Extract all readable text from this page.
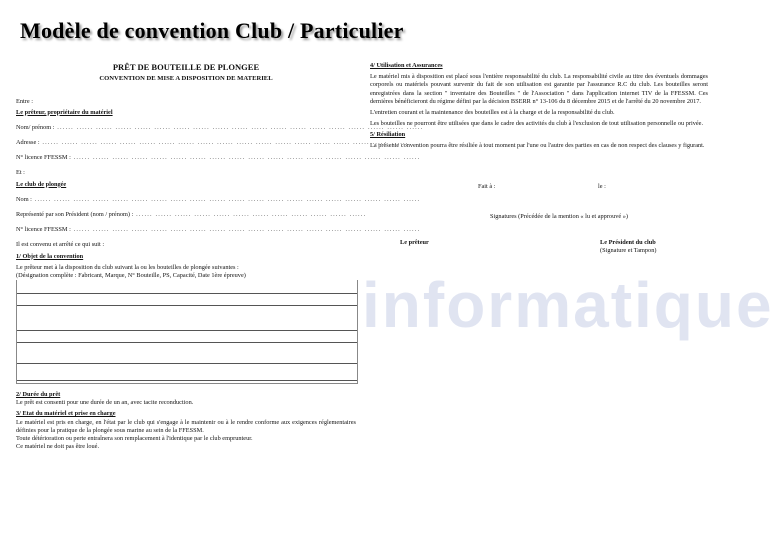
Modèle de convention Club / Particulier
informatique

PRÊT DE BOUTEILLE DE PLONGEE

CONVENTION DE MISE A DISPOSITION DE MATERIEL

Entre :

Le prêteur, propriétaire du matériel

Nom/ prénom : ...... ...... ...... ...... ...... ...... ...... ...... ...... ...... ...... ...... ...... ...... ...... ...... ...... ...... ......

Adresse : ...... ...... ...... ...... ...... ...... ...... ...... ...... ...... ...... ...... ...... ...... ...... ...... ...... ...... ......

N° licence FFESSM : ...... ...... ...... ...... ...... ...... ...... ...... ...... ...... ...... ...... ...... ...... ...... ...... ...... ......

Et :

Le club de plongée

Nom : ...... ...... ...... ...... ...... ...... ...... ...... ...... ...... ...... ...... ...... ...... ...... ...... ...... ...... ...... ......

Représenté par son Président (nom / prénom) : ...... ...... ...... ...... ...... ...... ...... ...... ...... ...... ...... ......

N° licence FFESSM : ...... ...... ...... ...... ...... ...... ...... ...... ...... ...... ...... ...... ...... ...... ...... ...... ...... ......

Il est convenu et arrêté ce qui suit :

1/ Objet de la convention

Le prêteur met à la disposition du club suivant la ou les bouteilles de plongée suivantes :

(Désignation complète : Fabricant, Marque, N° Bouteille, PS, Capacité, Date 1ère épreuve)

2/ Durée du prêt

Le prêt est consenti pour une durée de un an, avec tacite reconduction.

3/ Etat du matériel et prise en charge

Le matériel est pris en charge, en l'état par le club qui s'engage à le maintenir ou à le rendre conforme aux exigences réglementaires définies pour la pratique de la plongée sous marine au sein de la FFESSM.

Toute détérioration ou perte entraînera son remplacement à l'identique par le club emprunteur.

Ce matériel ne doit pas être loué.

4/ Utilisation et Assurances

Le matériel mis à disposition est placé sous l'entière responsabilité du club. La responsabilité civile au titre des éventuels dommages corporels ou matériels pouvant survenir du fait de son utilisation est garantie par l'assurance R.C du club. Les bouteilles seront enregistrées dans la section " inventaire des Bouteilles " de l'Association " dans l'application internet TIV de la FFESSM. Ces dernières bénéficieront du régime défini par la décision BSERR n° 13-106 du 8 décembre 2015 et de l'arrêté du 20 novembre 2017.

L'entretien courant et la maintenance des bouteilles est à la charge et de la responsabilité du club.

Les bouteilles ne pourront être utilisées que dans le cadre des activités du club à l'exclusion de tout utilisation personnelle ou privée.

5/ Résiliation

La présente convention pourra être résiliée à tout moment par l'une ou l'autre des parties en cas de non respect des clauses y figurant.

Fait à :	le :

Signatures (Précédée de la mention « lu et approuvé »)

Le prêteur	Le Président du club
(Signature et Tampon)
